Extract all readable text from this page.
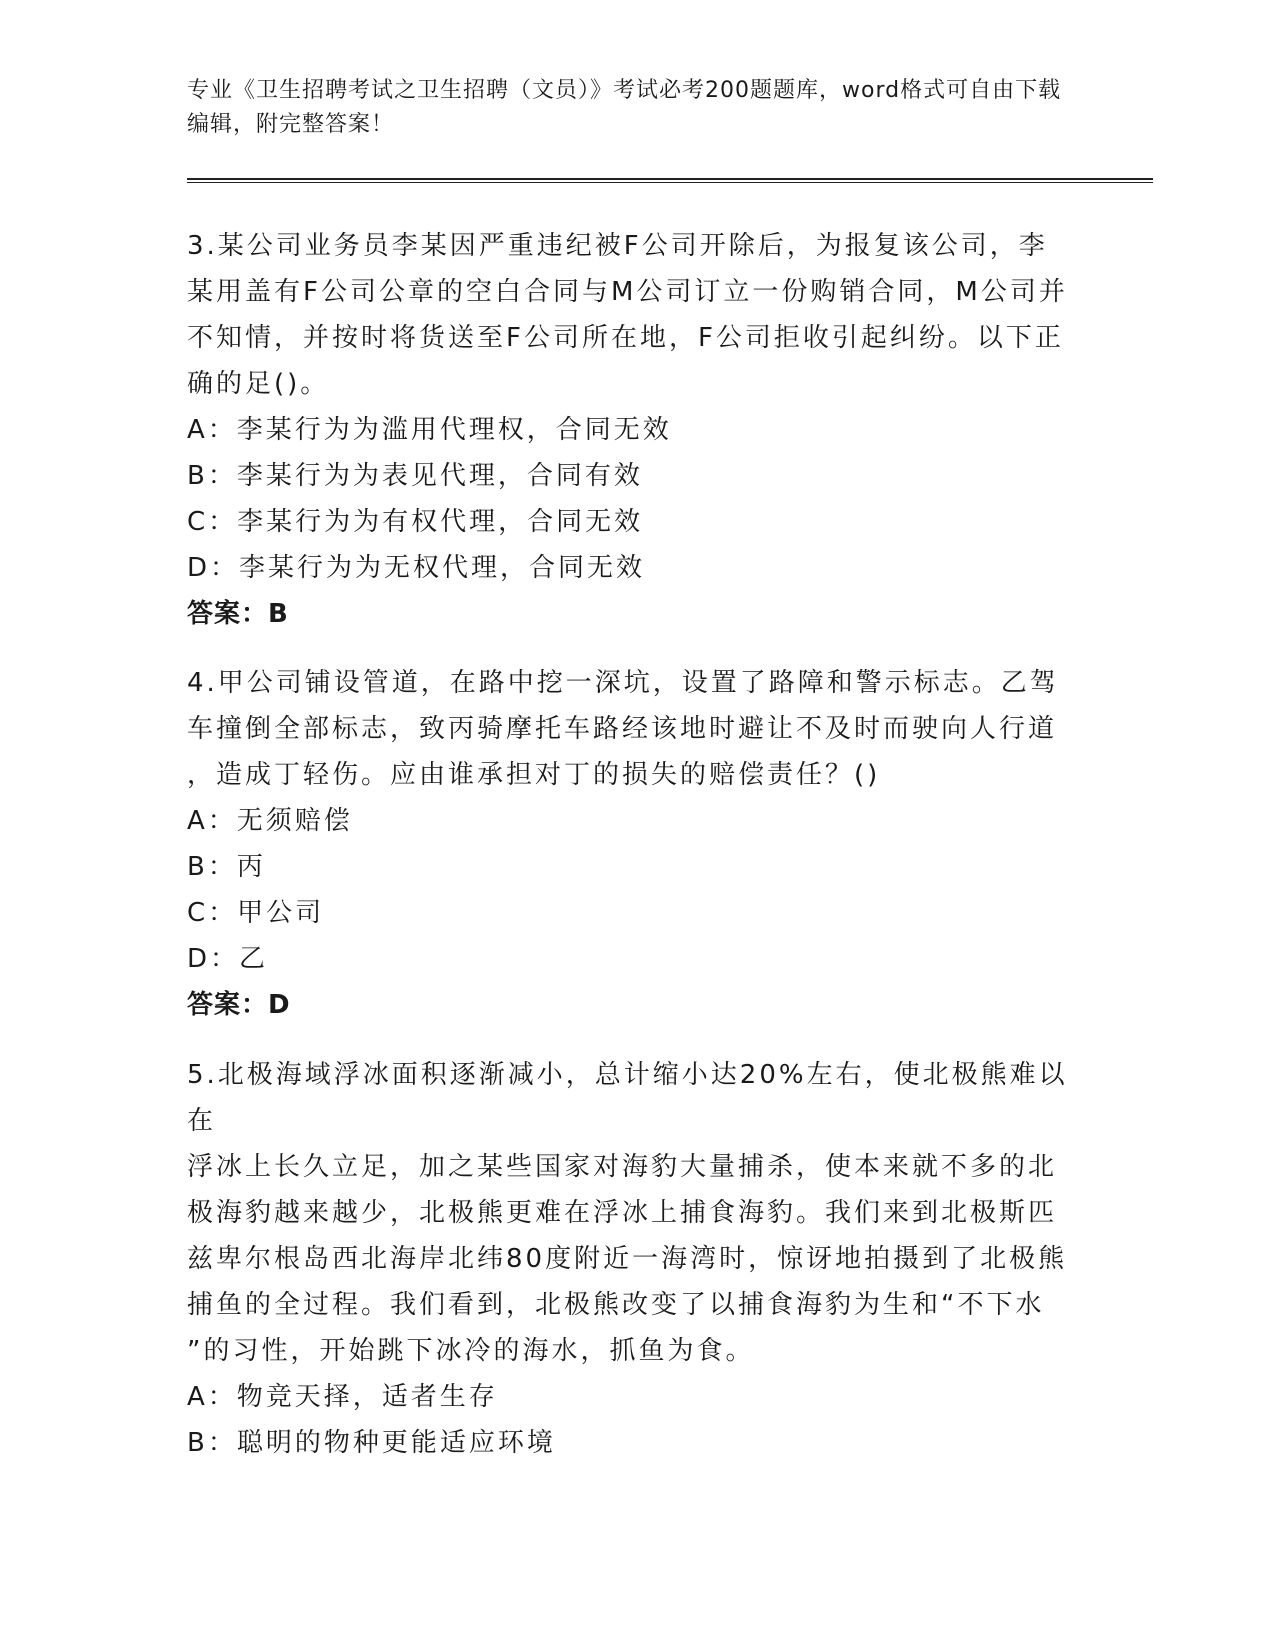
专业《卫生招聘考试之卫生招聘（文员）》考试必考200题题库，word格式可自由下载编辑，附完整答案！

3.某公司业务员李某因严重违纪被F公司开除后，为报复该公司，李

某用盖有F公司公章的空白合同与M公司订立一份购销合同，M公司并

不知情，并按时将货送至F公司所在地，F公司拒收引起纠纷。以下正

确的足()。

A：李某行为为滥用代理权，合同无效

B：李某行为为表见代理，合同有效

C：李某行为为有权代理，合同无效

D：李某行为为无权代理，合同无效

答案：B

4.甲公司铺设管道，在路中挖一深坑，设置了路障和警示标志。乙驾

车撞倒全部标志，致丙骑摩托车路经该地时避让不及时而驶向人行道

，造成丁轻伤。应由谁承担对丁的损失的赔偿责任？()

A：无须赔偿

B：丙

C：甲公司

D：乙

答案：D

5.北极海域浮冰面积逐渐减小，总计缩小达20%左右，使北极熊难以在

浮冰上长久立足，加之某些国家对海豹大量捕杀，使本来就不多的北

极海豹越来越少，北极熊更难在浮冰上捕食海豹。我们来到北极斯匹

兹卑尔根岛西北海岸北纬80度附近一海湾时，惊讶地拍摄到了北极熊

捕鱼的全过程。我们看到，北极熊改变了以捕食海豹为生和“不下水

”的习性，开始跳下冰冷的海水，抓鱼为食。

A：物竞天择，适者生存

B：聪明的物种更能适应环境
